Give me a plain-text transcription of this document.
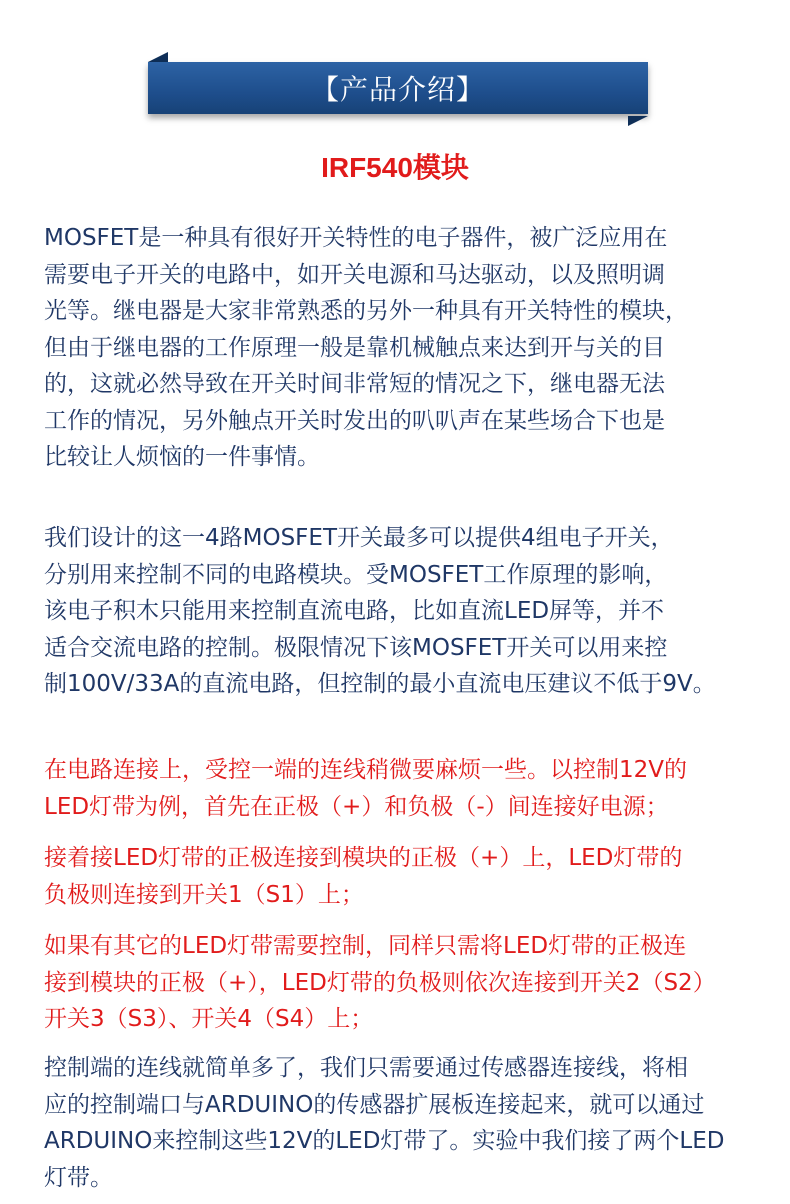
【产品介绍】
IRF540模块
MOSFET是一种具有很好开关特性的电子器件，被广泛应用在
需要电子开关的电路中，如开关电源和马达驱动，以及照明调
光等。继电器是大家非常熟悉的另外一种具有开关特性的模块，
但由于继电器的工作原理一般是靠机械触点来达到开与关的目
的，这就必然导致在开关时间非常短的情况之下，继电器无法
工作的情况，另外触点开关时发出的叭叭声在某些场合下也是
比较让人烦恼的一件事情。
我们设计的这一4路MOSFET开关最多可以提供4组电子开关，
分别用来控制不同的电路模块。受MOSFET工作原理的影响，
该电子积木只能用来控制直流电路，比如直流LED屏等，并不
适合交流电路的控制。极限情况下该MOSFET开关可以用来控
制100V/33A的直流电路，但控制的最小直流电压建议不低于9V。
在电路连接上，受控一端的连线稍微要麻烦一些。以控制12V的
LED灯带为例，首先在正极（+）和负极（-）间连接好电源；
接着接LED灯带的正极连接到模块的正极（+）上，LED灯带的
负极则连接到开关1（S1）上；
如果有其它的LED灯带需要控制，同样只需将LED灯带的正极连
接到模块的正极（+），LED灯带的负极则依次连接到开关2（S2）
开关3（S3）、开关4（S4）上；
控制端的连线就简单多了，我们只需要通过传感器连接线，将相
应的控制端口与ARDUINO的传感器扩展板连接起来，就可以通过
ARDUINO来控制这些12V的LED灯带了。实验中我们接了两个LED
灯带。
